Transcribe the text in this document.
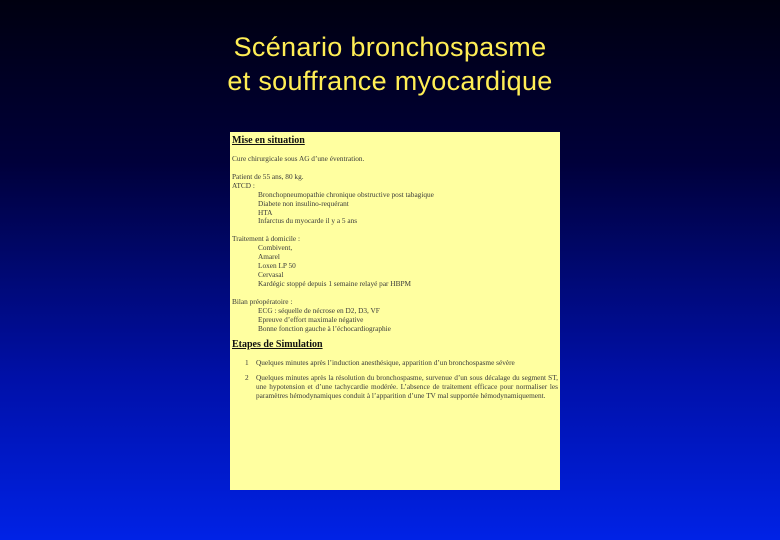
Scénario bronchospasme
et souffrance myocardique
Mise en situation

Cure chirurgicale sous AG d’une éventration.

Patient de 55 ans, 80 kg.

ATCD :

Bronchopneumopathie chronique obstructive post tabagique

Diabete non insulino-requérant

HTA

Infarctus du myocarde il y a 5 ans

Traitement à domicile :

Combivent,

Amarel

Loxen LP 50

Cervasal

Kardégic stoppé depuis 1 semaine relayé par HBPM

Bilan préopératoire :

ECG : séquelle de nécrose en D2, D3, VF

Epreuve d’effort maximale négative

Bonne fonction gauche à l’échocardiographie

Etapes de Simulation
1	Quelques minutes après l’induction anesthésique, apparition d’un bronchospasme sévère
2	Quelques minutes après la résolution du bronchospasme, survenue d’un sous décalage du segment ST, une hypotension et d’une tachycardie modérée. L’absence de traitement efficace pour normaliser les paramètres hémodynamiques conduit à l’apparition d’une TV mal supportée hémodynamiquement.
